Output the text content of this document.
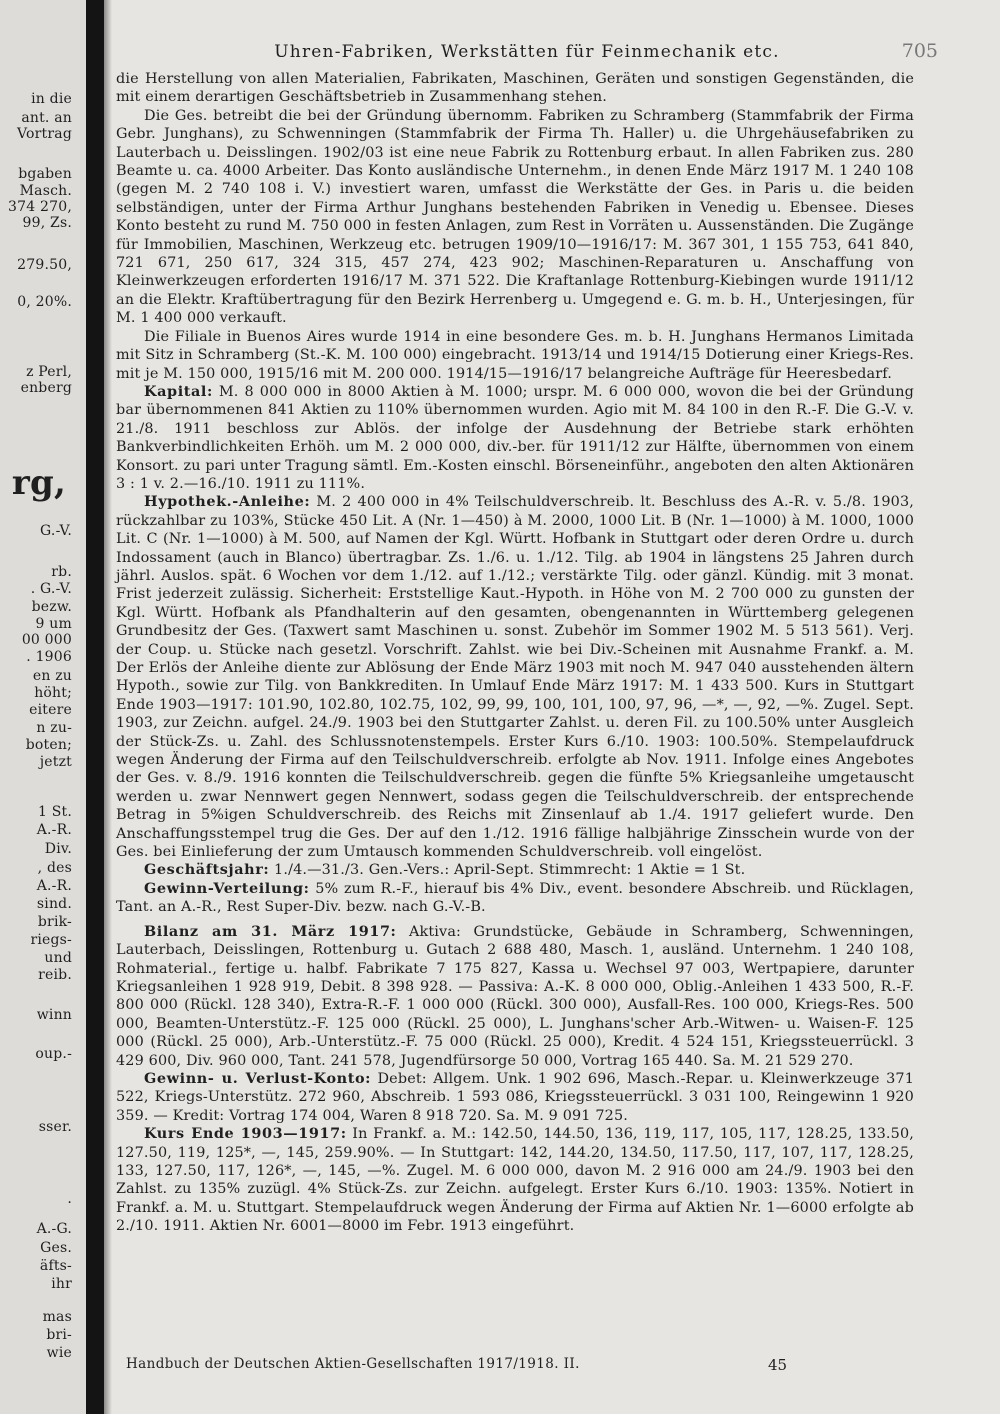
in die
ant. an
Vortrag
bgaben
Masch.
374 270,
99, Zs.
279.50,
0, 20%.
z Perl,
enberg
rg,
G.-V.
rb.
. G.-V.
bezw.
9 um
00 000
. 1906
en zu
höht;
eitere
n zu-
boten;
jetzt
1 St.
A.-R.
Div.
, des
A.-R.
sind.
brik-
riegs-
und
reib.
winn
oup.-
sser.
.
A.-G.
Ges.
äfts-
ihr
mas
bri-
wie
Uhren-Fabriken, Werkstätten für Feinmechanik etc.	705

die Herstellung von allen Materialien, Fabrikaten, Maschinen, Geräten und sonstigen Gegenständen, die mit einem derartigen Geschäftsbetrieb in Zusammenhang stehen.

Die Ges. betreibt die bei der Gründung übernomm. Fabriken zu Schramberg (Stammfabrik der Firma Gebr. Junghans), zu Schwenningen (Stammfabrik der Firma Th. Haller) u. die Uhrgehäusefabriken zu Lauterbach u. Deisslingen. 1902/03 ist eine neue Fabrik zu Rottenburg erbaut. In allen Fabriken zus. 280 Beamte u. ca. 4000 Arbeiter. Das Konto ausländische Unternehm., in denen Ende März 1917 M. 1 240 108 (gegen M. 2 740 108 i. V.) investiert waren, umfasst die Werkstätte der Ges. in Paris u. die beiden selbständigen, unter der Firma Arthur Junghans bestehenden Fabriken in Venedig u. Ebensee. Dieses Konto besteht zu rund M. 750 000 in festen Anlagen, zum Rest in Vorräten u. Aussenständen. Die Zugänge für Immobilien, Maschinen, Werkzeug etc. betrugen 1909/10—1916/17: M. 367 301, 1 155 753, 641 840, 721 671, 250 617, 324 315, 457 274, 423 902; Maschinen-Reparaturen u. Anschaffung von Kleinwerkzeugen erforderten 1916/17 M. 371 522. Die Kraftanlage Rottenburg-Kiebingen wurde 1911/12 an die Elektr. Kraftübertragung für den Bezirk Herrenberg u. Umgegend e. G. m. b. H., Unterjesingen, für M. 1 400 000 verkauft.

Die Filiale in Buenos Aires wurde 1914 in eine besondere Ges. m. b. H. Junghans Hermanos Limitada mit Sitz in Schramberg (St.-K. M. 100 000) eingebracht. 1913/14 und 1914/15 Dotierung einer Kriegs-Res. mit je M. 150 000, 1915/16 mit M. 200 000. 1914/15—1916/17 belangreiche Aufträge für Heeresbedarf.

Kapital: M. 8 000 000 in 8000 Aktien à M. 1000; urspr. M. 6 000 000, wovon die bei der Gründung bar übernommenen 841 Aktien zu 110% übernommen wurden. Agio mit M. 84 100 in den R.-F. Die G.-V. v. 21./8. 1911 beschloss zur Ablös. der infolge der Ausdehnung der Betriebe stark erhöhten Bankverbindlichkeiten Erhöh. um M. 2 000 000, div.-ber. für 1911/12 zur Hälfte, übernommen von einem Konsort. zu pari unter Tragung sämtl. Em.-Kosten einschl. Börseneinführ., angeboten den alten Aktionären 3 : 1 v. 2.—16./10. 1911 zu 111%.

Hypothek.-Anleihe: M. 2 400 000 in 4% Teilschuldverschreib. lt. Beschluss des A.-R. v. 5./8. 1903, rückzahlbar zu 103%, Stücke 450 Lit. A (Nr. 1—450) à M. 2000, 1000 Lit. B (Nr. 1—1000) à M. 1000, 1000 Lit. C (Nr. 1—1000) à M. 500, auf Namen der Kgl. Württ. Hofbank in Stuttgart oder deren Ordre u. durch Indossament (auch in Blanco) übertragbar. Zs. 1./6. u. 1./12. Tilg. ab 1904 in längstens 25 Jahren durch jährl. Auslos. spät. 6 Wochen vor dem 1./12. auf 1./12.; verstärkte Tilg. oder gänzl. Kündig. mit 3 monat. Frist jederzeit zulässig. Sicherheit: Erststellige Kaut.-Hypoth. in Höhe von M. 2 700 000 zu gunsten der Kgl. Württ. Hofbank als Pfandhalterin auf den gesamten, obengenannten in Württemberg gelegenen Grundbesitz der Ges. (Taxwert samt Maschinen u. sonst. Zubehör im Sommer 1902 M. 5 513 561). Verj. der Coup. u. Stücke nach gesetzl. Vorschrift. Zahlst. wie bei Div.-Scheinen mit Ausnahme Frankf. a. M. Der Erlös der Anleihe diente zur Ablösung der Ende März 1903 mit noch M. 947 040 ausstehenden ältern Hypoth., sowie zur Tilg. von Bankkrediten. In Umlauf Ende März 1917: M. 1 433 500. Kurs in Stuttgart Ende 1903—1917: 101.90, 102.80, 102.75, 102, 99, 99, 100, 101, 100, 97, 96, —*, —, 92, —%. Zugel. Sept. 1903, zur Zeichn. aufgel. 24./9. 1903 bei den Stuttgarter Zahlst. u. deren Fil. zu 100.50% unter Ausgleich der Stück-Zs. u. Zahl. des Schlussnotenstempels. Erster Kurs 6./10. 1903: 100.50%. Stempelaufdruck wegen Änderung der Firma auf den Teilschuldverschreib. erfolgte ab Nov. 1911. Infolge eines Angebotes der Ges. v. 8./9. 1916 konnten die Teilschuldverschreib. gegen die fünfte 5% Kriegsanleihe umgetauscht werden u. zwar Nennwert gegen Nennwert, sodass gegen die Teilschuldverschreib. der entsprechende Betrag in 5%igen Schuldverschreib. des Reichs mit Zinsenlauf ab 1./4. 1917 geliefert wurde. Den Anschaffungsstempel trug die Ges. Der auf den 1./12. 1916 fällige halbjährige Zinsschein wurde von der Ges. bei Einlieferung der zum Umtausch kommenden Schuldverschreib. voll eingelöst.

Geschäftsjahr: 1./4.—31./3. Gen.-Vers.: April-Sept. Stimmrecht: 1 Aktie = 1 St.

Gewinn-Verteilung: 5% zum R.-F., hierauf bis 4% Div., event. besondere Abschreib. und Rücklagen, Tant. an A.-R., Rest Super-Div. bezw. nach G.-V.-B.

Bilanz am 31. März 1917: Aktiva: Grundstücke, Gebäude in Schramberg, Schwenningen, Lauterbach, Deisslingen, Rottenburg u. Gutach 2 688 480, Masch. 1, ausländ. Unternehm. 1 240 108, Rohmaterial., fertige u. halbf. Fabrikate 7 175 827, Kassa u. Wechsel 97 003, Wertpapiere, darunter Kriegsanleihen 1 928 919, Debit. 8 398 928. — Passiva: A.-K. 8 000 000, Oblig.-Anleihen 1 433 500, R.-F. 800 000 (Rückl. 128 340), Extra-R.-F. 1 000 000 (Rückl. 300 000), Ausfall-Res. 100 000, Kriegs-Res. 500 000, Beamten-Unterstütz.-F. 125 000 (Rückl. 25 000), L. Junghans'scher Arb.-Witwen- u. Waisen-F. 125 000 (Rückl. 25 000), Arb.-Unterstütz.-F. 75 000 (Rückl. 25 000), Kredit. 4 524 151, Kriegssteuerrückl. 3 429 600, Div. 960 000, Tant. 241 578, Jugendfürsorge 50 000, Vortrag 165 440. Sa. M. 21 529 270.

Gewinn- u. Verlust-Konto: Debet: Allgem. Unk. 1 902 696, Masch.-Repar. u. Kleinwerkzeuge 371 522, Kriegs-Unterstütz. 272 960, Abschreib. 1 593 086, Kriegssteuerrückl. 3 031 100, Reingewinn 1 920 359. — Kredit: Vortrag 174 004, Waren 8 918 720. Sa. M. 9 091 725.

Kurs Ende 1903—1917: In Frankf. a. M.: 142.50, 144.50, 136, 119, 117, 105, 117, 128.25, 133.50, 127.50, 119, 125*, —, 145, 259.90%. — In Stuttgart: 142, 144.20, 134.50, 117.50, 117, 107, 117, 128.25, 133, 127.50, 117, 126*, —, 145, —%. Zugel. M. 6 000 000, davon M. 2 916 000 am 24./9. 1903 bei den Zahlst. zu 135% zuzügl. 4% Stück-Zs. zur Zeichn. aufgelegt. Erster Kurs 6./10. 1903: 135%. Notiert in Frankf. a. M. u. Stuttgart. Stempelaufdruck wegen Änderung der Firma auf Aktien Nr. 1—6000 erfolgte ab 2./10. 1911. Aktien Nr. 6001—8000 im Febr. 1913 eingeführt.

Handbuch der Deutschen Aktien-Gesellschaften 1917/1918. II.	45
